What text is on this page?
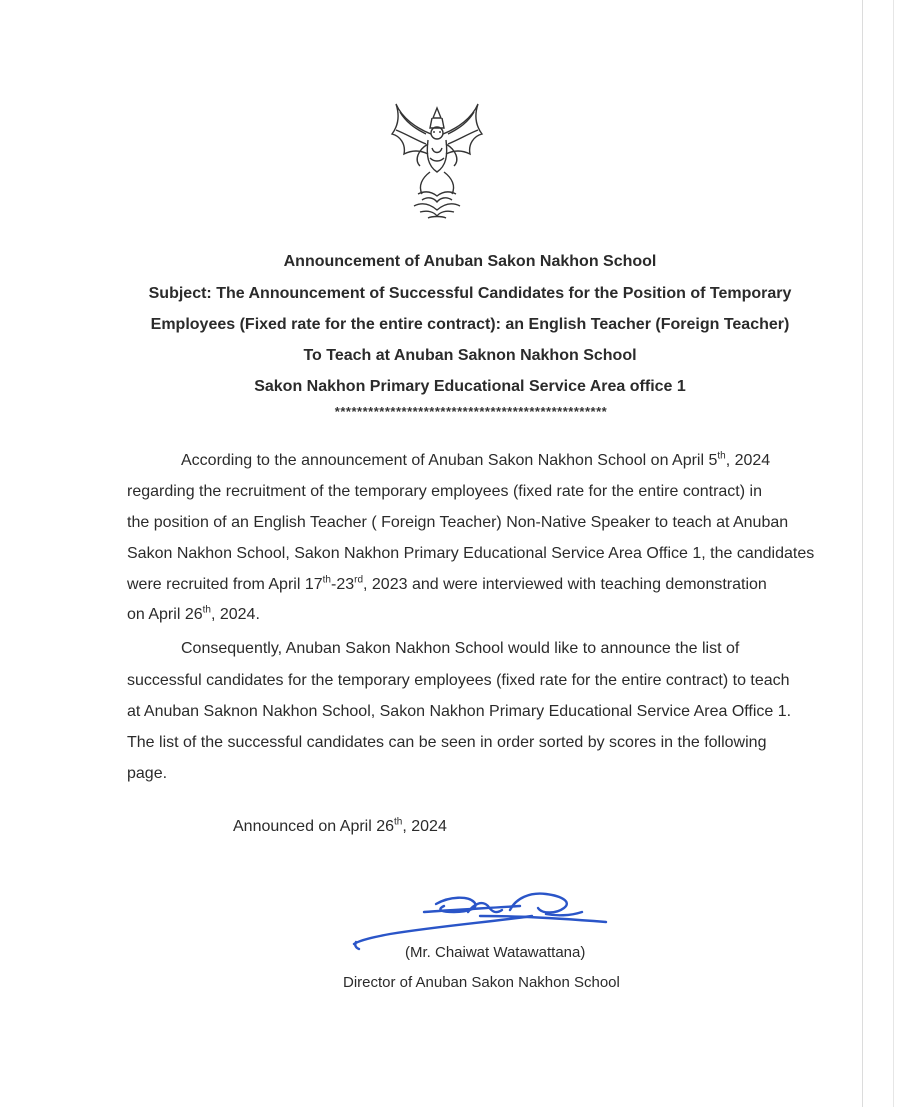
Announcement of Anuban Sakon Nakhon School
Subject: The Announcement of Successful Candidates for the Position of Temporary
Employees (Fixed rate for the entire contract): an English Teacher (Foreign Teacher)
To Teach at Anuban Saknon Nakhon School
Sakon Nakhon Primary Educational Service Area office 1
*************************************************
According to the announcement of Anuban Sakon Nakhon School on April 5th, 2024
regarding the recruitment of the temporary employees (fixed rate for the entire contract) in
the position of an English Teacher ( Foreign Teacher) Non-Native Speaker to teach at Anuban
Sakon Nakhon School, Sakon Nakhon Primary Educational Service Area Office 1, the candidates
were recruited from April 17th-23rd, 2023 and were interviewed with teaching demonstration
on April 26th, 2024.
Consequently, Anuban Sakon Nakhon School would like to announce the list of
successful candidates for the temporary employees (fixed rate for the entire contract) to teach
at Anuban Saknon Nakhon School, Sakon Nakhon Primary Educational Service Area Office 1.
The list of the successful candidates can be seen in order sorted by scores in the following
page.
Announced on April 26th, 2024
(Mr. Chaiwat Watawattana)
Director of Anuban Sakon Nakhon School
